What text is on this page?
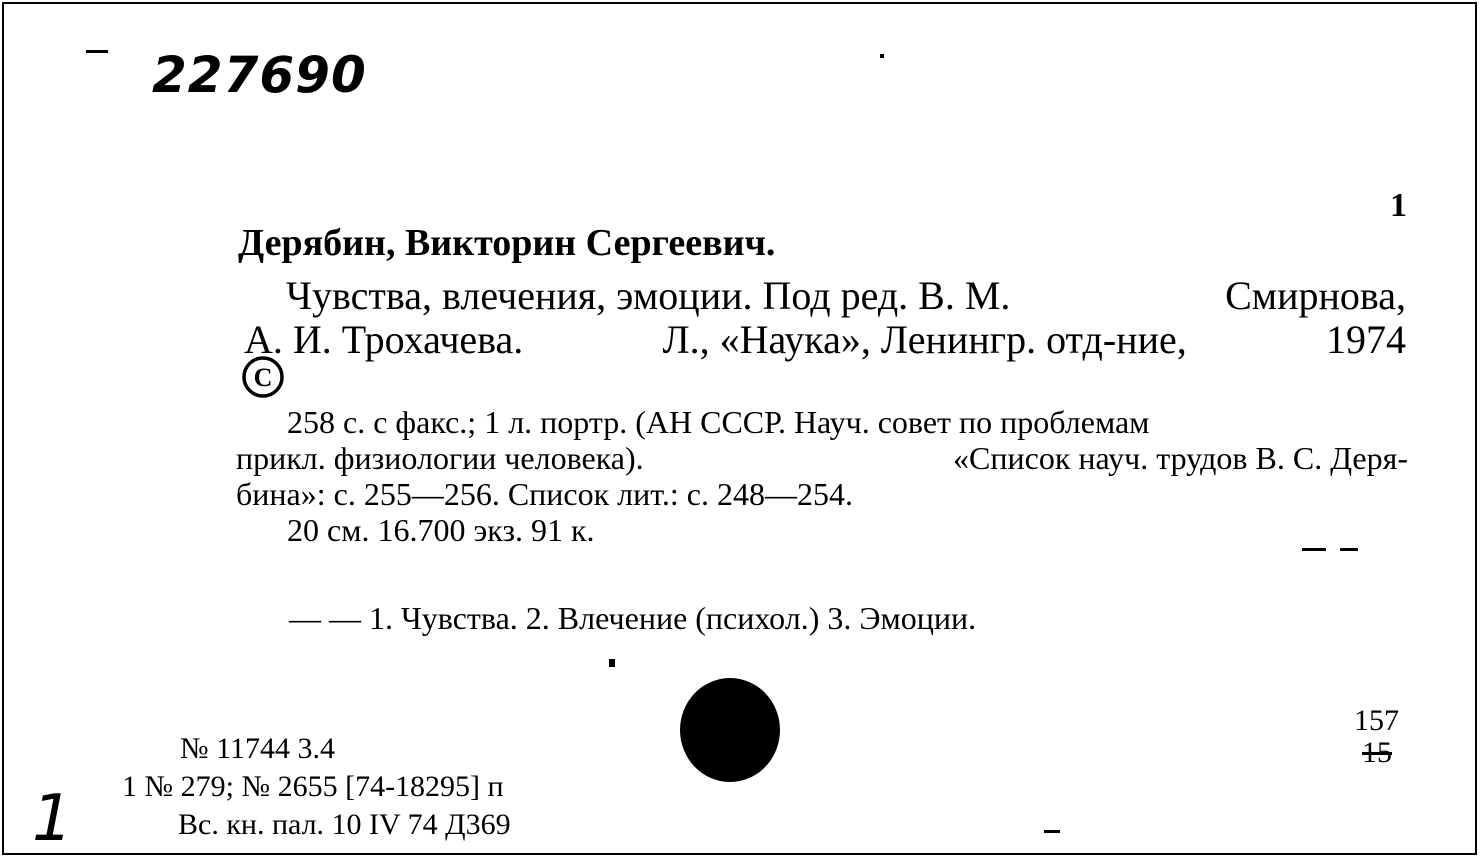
227690
1
Дерябин, Викторин Сергеевич.
Чувства, влечения, эмоции. Под ред. В. М.	Смирнова,
А. И. Трохачева.	Л., «Наука», Ленингр. отд-ние,	1974
C
258 с. с факс.; 1 л. портр. (АН СССР. Науч. совет по проблемам
прикл. физиологии человека).	«Список науч. трудов В. С. Деря-
бина»: с. 255—256. Список лит.: с. 248—254.
20 см. 16.700 экз. 91 к.
— — 1. Чувства. 2. Влечение (психол.) 3. Эмоции.
№ 11744 3.4
1 № 279; № 2655 [74-18295] п
Вс. кн. пал. 10 IV 74 Д369
1
157
15
